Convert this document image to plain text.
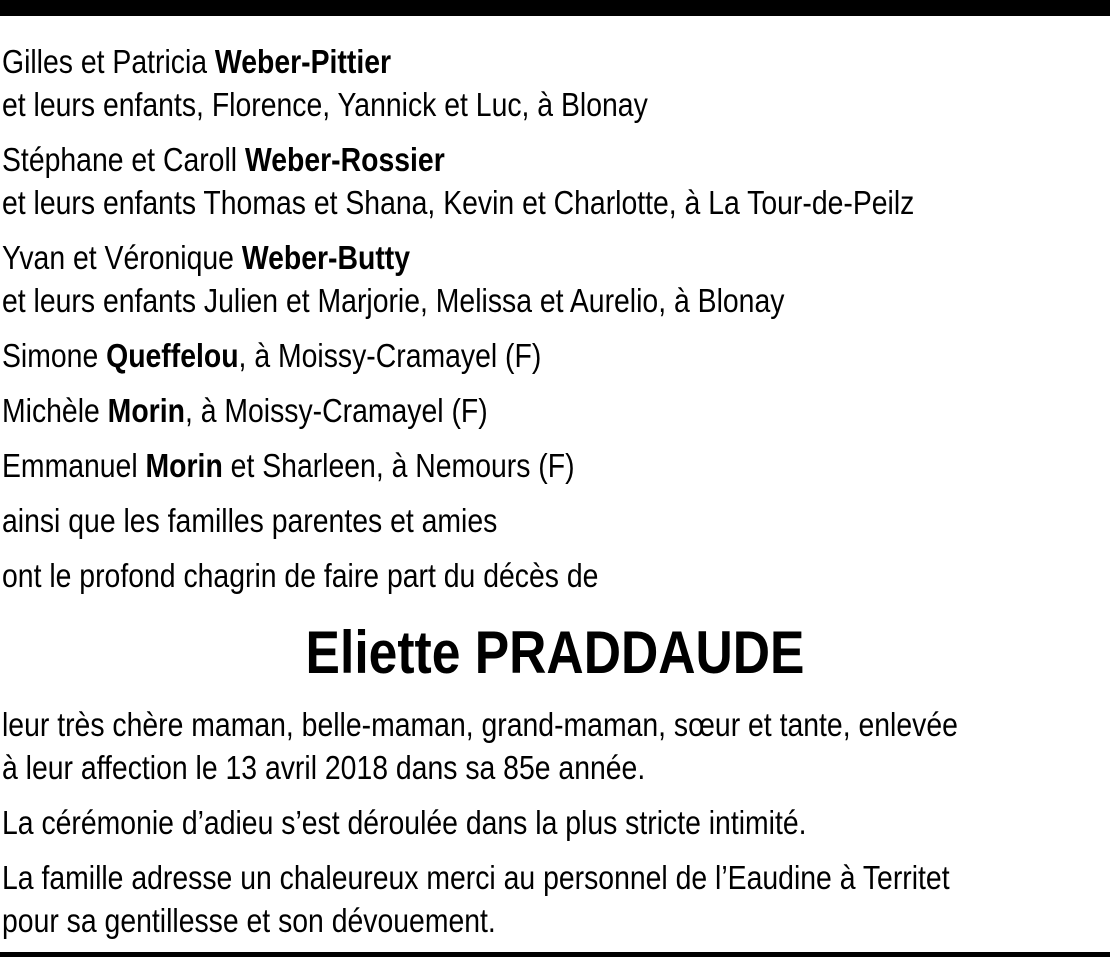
Gilles et Patricia Weber-Pittier
et leurs enfants, Florence, Yannick et Luc, à Blonay
Stéphane et Caroll Weber-Rossier
et leurs enfants Thomas et Shana, Kevin et Charlotte, à La Tour-de-Peilz
Yvan et Véronique Weber-Butty
et leurs enfants Julien et Marjorie, Melissa et Aurelio, à Blonay
Simone Queffelou, à Moissy-Cramayel (F)
Michèle Morin, à Moissy-Cramayel (F)
Emmanuel Morin et Sharleen, à Nemours (F)
ainsi que les familles parentes et amies
ont le profond chagrin de faire part du décès de
Eliette PRADDAUDE
leur très chère maman, belle-maman, grand-maman, sœur et tante, enlevée
à leur affection le 13 avril 2018 dans sa 85e année.
La cérémonie d’adieu s’est déroulée dans la plus stricte intimité.
La famille adresse un chaleureux merci au personnel de l’Eaudine à Territet
pour sa gentillesse et son dévouement.
